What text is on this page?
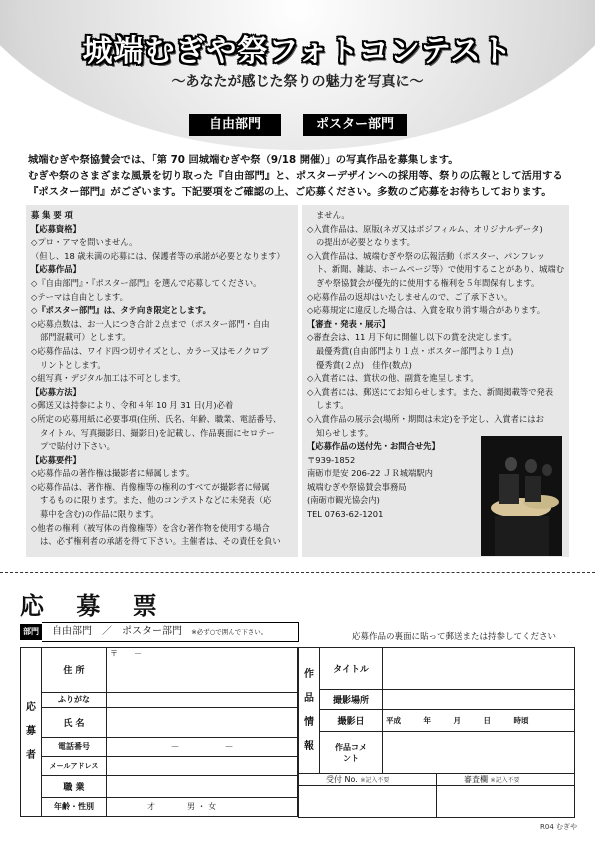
城端むぎや祭フォトコンテスト
～あなたが感じた祭りの魅力を写真に～
自由部門	ポスター部門
城端むぎや祭協賛会では、「第 70 回城端むぎや祭（9/18 開催）」の写真作品を募集します。
むぎや祭のさまざまな風景を切り取った『自由部門』と、ポスターデザインへの採用等、祭りの広報として活用する
『ポスター部門』がございます。下記要項をご確認の上、ご応募ください。多数のご応募をお待ちしております。

募 集 要 項

【応募資格】

◇プロ・アマを問いません。

（但し、18 歳未満の応募には、保護者等の承諾が必要となります）

【応募作品】

◇『自由部門』・『ポスター部門』を選んで応募してください。

◇テーマは自由とします。

◇『ポスター部門』は、タテ向き限定とします。

◇応募点数は、お一人につき合計２点まで（ポスター部門・自由

部門混載可）とします。

◇応募作品は、ワイド四つ切サイズとし、カラー又はモノクロプ

リントとします。

◇組写真・デジタル加工は不可とします。

【応募方法】

◇郵送又は持参により、令和４年 10 月 31 日(月)必着

◇所定の応募用紙に必要事項(住所、氏名、年齢、職業、電話番号、

タイトル、写真撮影日、撮影日)を記載し、作品裏面にセロテー

プで貼付け下さい。

【応募要件】

◇応募作品の著作権は撮影者に帰属します。

◇応募作品は、著作権、肖像権等の権利のすべてが撮影者に帰属

するものに限ります。また、他のコンテストなどに未発表（応

募中を含む)の作品に限ります。

◇他者の権利（被写体の肖像権等）を含む著作物を使用する場合

は、必ず権利者の承諾を得て下さい。主催者は、その責任を負い

ません。

◇入賞作品は、原版(ネガ又はポジフィルム、オリジナルデータ)

の提出が必要となります。

◇入賞作品は、城端むぎや祭の広報活動（ポスター、パンフレッ

ト、新聞、雑誌、ホームページ等）で使用することがあり、城端む

ぎや祭協賛会が優先的に使用する権利を５年間保有します。

◇応募作品の返却はいたしませんので、ご了承下さい。

◇応募規定に違反した場合は、入賞を取り消す場合があります。

【審査・発表・展示】

◇審査会は、11 月下旬に開催し以下の賞を決定します。

最優秀賞(自由部門より１点・ポスター部門より１点)

優秀賞(２点)　佳作(数点)

◇入賞者には、賞状の他、副賞を進呈します。

◇入賞者には、郵送にてお知らせします。また、新聞掲載等で発表

します。

◇入賞作品の展示会(場所・期間は未定)を予定し、入賞者にはお

知らせします。

【応募作品の送付先・お問合せ先】

〒939-1852

南砺市是安 206-22 ＪＲ城端駅内

城端むぎや祭協賛会事務局

(南砺市観光協会内)

TEL 0763-62-1201

応 募 票
部門	自由部門　／　ポスター部門 ※必ず○で囲んで下さい。	応募作品の裏面に貼って郵送または持参してください
応募者	住 所	〒　　－
	ふりがな	
	氏 名	
	電話番号	－　　　　　－
	メールアドレス	
	職 業	
	年齢・性別	才　　　　男 ・ 女
作品情報	タイトル	
	撮影場所	
	撮影日	平成　　　年　　　月　　　日　　　時頃
	作品コメント	
受付 No. ※記入不要	審査欄 ※記入不要

R04 むぎや
